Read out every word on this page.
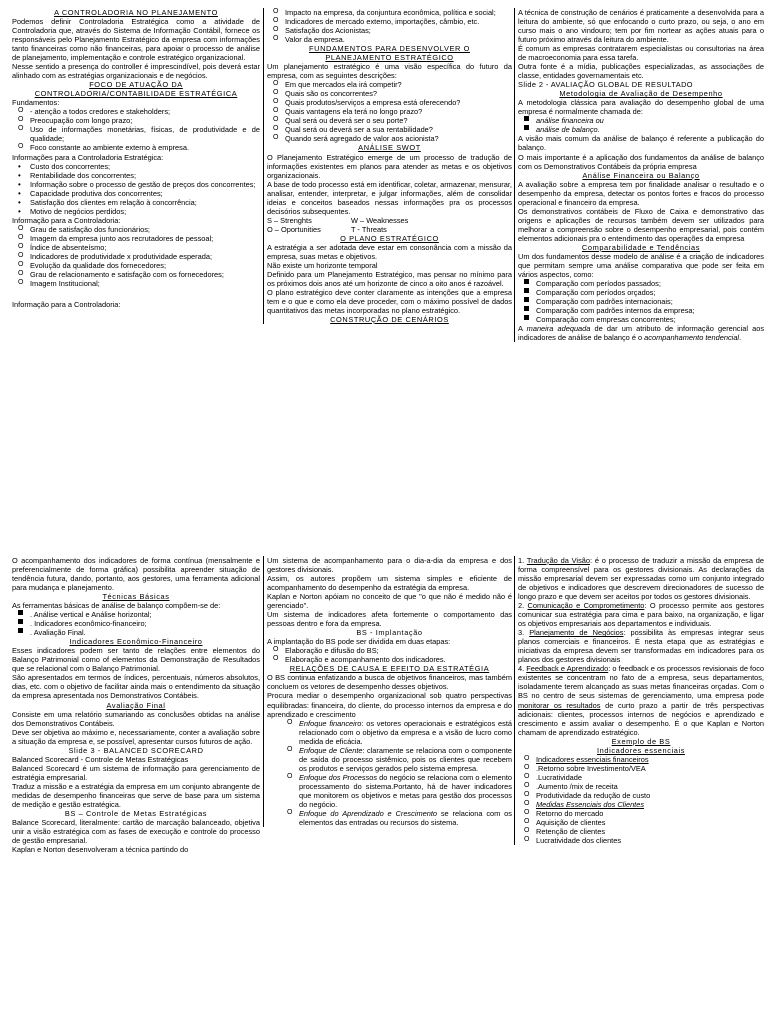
A CONTROLADORIA NO PLANEJAMENTO

Podemos definir Controladoria Estratégica como a atividade de Controladoria que, através do Sistema de Informação Contábil, fornece os responsáveis pelo Planejamento Estratégico da empresa com informações tanto financeiras como não financeiras, para apoiar o processo de análise de planejamento, implementação e controle estratégico organizacional.

Nesse sentido a presença do controller é imprescindível, pois deverá estar alinhado com as estratégias organizacionais e de negócios.

FOCO DE ATUAÇÃO DA

CONTROLADORIA/CONTABILIDADE ESTRATÉGICA

Fundamentos:

O - atenção a todos credores e stakeholders;
O Preocupação com longo prazo;
O Uso de informações monetárias, físicas, de produtividade e de qualidade;
O Foco constante ao ambiente externo à empresa.

Informações para a Controladoria Estratégica:

• Custo dos concorrentes;
• Rentabilidade dos concorrentes;
• Informação sobre o processo de gestão de preços dos concorrentes;
• Capacidade produtiva dos concorrentes;
• Satisfação dos clientes em relação à concorrência;
• Motivo de negócios perdidos;

Informação para a Controladoria:

O Grau de satisfação dos funcionários;
O Imagem da empresa junto aos recrutadores de pessoal;
O Índice de absenteísmo;
O Indicadores de produtividade x produtividade esperada;
O Evolução da qualidade dos fornecedores;
O Grau de relacionamento e satisfação com os fornecedores;
O Imagem Institucional;

Informação para a Controladoria:

O Impacto na empresa, da conjuntura econômica, política e social;
O Indicadores de mercado externo, importações, câmbio, etc.
O Satisfação dos Acionistas;
O Valor da empresa.

FUNDAMENTOS PARA DESENVOLVER O

PLANEJAMENTO ESTRATÉGICO

Um planejamento estratégico é uma visão específica do futuro da empresa, com as seguintes descrições:

O Em que mercados ela irá competir?
O Quais são os concorrentes?
O Quais produtos/serviços a empresa está oferecendo?
O Quais vantagens ela terá no longo prazo?
O Qual será ou deverá ser o seu porte?
O Qual será ou deverá ser a sua rentabilidade?
O Quando será agregado de valor aos acionista?

ANÁLISE SWOT

O Planejamento Estratégico emerge de um processo de tradução de informações existentes em planos para atender as metas e os objetivos organizacionais.

A base de todo processo está em identificar, coletar, armazenar, mensurar, analisar, entender, interpretar, e julgar informações, além de consolidar ideias e conceitos baseados nessas informações pra os processos decisórios subsequentes.

S – Strenghts	W – Weaknesses
O – Oportunities	T - Threats

O PLANO ESTRATÉGICO

A estratégia a ser adotada deve estar em consonância com a missão da empresa, suas metas e objetivos.

Não existe um horizonte temporal

Definido para um Planejamento Estratégico, mas pensar no mínimo para os próximos dois anos até um horizonte de cinco a oito anos é razoável.

O plano estratégico deve conter claramente as intenções que a empresa tem e o que e como ela deve proceder, com o máximo possível de dados quantitativos das metas incorporadas no plano estratégico.

CONSTRUÇÃO DE CENÁRIOS

A técnica de construção de cenários é praticamente a desenvolvida para a leitura do ambiente, só que enfocando o curto prazo, ou seja, o ano em curso mais o ano vindouro; tem por fim nortear as ações atuais para o futuro próximo através da leitura do ambiente.

É comum as empresas contratarem especialistas ou consultorias na área de macroeconomia para essa tarefa.

Outra fonte é a mídia, publicações especializadas, as associações de classe, entidades governamentais etc.

Slide 2 - AVALIAÇÃO GLOBAL DE RESULTADO

Metodologia de Avaliação de Desempenho

A metodologia clássica para avaliação do desempenho global de uma empresa é normalmente chamada de:

análise financeira ou
análise de balanço.

A visão mais comum da análise de balanço é referente a publicação do balanço.

O mais importante é a aplicação dos fundamentos da análise de balanço com os Demonstrativos Contábeis da própria empresa

Análise Financeira ou Balanço

A avaliação sobre a empresa tem por finalidade analisar o resultado e o desempenho da empresa, detectar os pontos fortes e fracos do processo operacional e financeiro da empresa.

Os demonstrativos contábeis de Fluxo de Caixa e demonstrativo das origens e aplicações de recursos também devem ser utilizados para melhorar a compreensão sobre o desempenho empresarial, pois contém elementos adicionais pra o entendimento das operações da empresa

Comparabilidade e Tendências

Um dos fundamentos desse modelo de análise é a criação de indicadores que permitam sempre uma análise comparativa que pode ser feita em vários aspectos, como:

Comparação com períodos passados;
Comparação com períodos orçados;
Comparação com padrões internacionais;
Comparação com padrões internos da empresa;
Comparação com empresas concorrentes;

A maneira adequada de dar um atributo de informação gerencial aos indicadores de análise de balanço é o acompanhamento tendencial.

O acompanhamento dos indicadores de forma contínua (mensalmente e preferencialmente de forma gráfica) possibilita apreender situação de tendência futura, dando, portanto, aos gestores, uma ferramenta adicional para mudança e planejamento.

Técnicas Básicas

As ferramentas básicas de análise de balanço compõem-se de:

. Análise vertical e Análise horizontal;
. Indicadores econômico-financeiro;
. Avaliação Final.

Indicadores Econômico-Financeiro

Esses indicadores podem ser tanto de relações entre elementos do Balanço Patrimonial como of elementos da Demonstração de Resultados que se relacional com o Balanço Patrimonial.

São apresentados em termos de índices, percentuais, números absolutos, dias, etc. com o objetivo de facilitar ainda mais o entendimento da situação da empresa apresentada nos Demonstrativos Contábeis.

Avaliação Final

Consiste em uma relatório sumariando as conclusões obtidas na análise dos Demonstrativos Contábeis.

Deve ser objetiva ao máximo e, necessariamente, conter a avaliação sobre a situação da empresa e, se possível, apresentar cursos futuros de ação.

Slide 3 - BALANCED SCORECARD

Balanced Scorecard - Controle de Metas Estratégicas

Balanced Scorecard é um sistema de informação para gerenciamento de estratégia empresarial.

Traduz a missão e a estratégia da empresa em um conjunto abrangente de medidas de desempenho financeiras que serve de base para um sistema de medição e gestão estratégica.

BS – Controle de Metas Estratégicas

Balance Scorecard, literalmente: cartão de marcação balanceado, objetiva unir a visão estratégica com as fases de execução e controle do processo de gestão empresarial.

Kaplan e Norton desenvolveram a técnica partindo do

Um sistema de acompanhamento para o dia-a-dia da empresa e dos gestores divisionais.

Assim, os autores propõem um sistema simples e eficiente de acompanhamento do desempenho da estratégia da empresa.

Kaplan e Norton apóiam no conceito de que "o que não é medido não é gerenciado".

Um sistema de indicadores afeta fortemente o comportamento das pessoas dentro e fora da empresa.

BS - Implantação

A implantação do BS pode ser dividida em duas etapas:

O Elaboração e difusão do BS;
O Elaboração e acompanhamento dos indicadores.

RELAÇÕES DE CAUSA E EFEITO DA ESTRATÉGIA

O BS continua enfatizando a busca de objetivos financeiros, mas também concluem os vetores de desempenho desses objetivos.

Procura mediar o desempenho organizacional sob quatro perspectivas equilibradas: financeira, do cliente, do processo internos da empresa e do aprendizado e crescimento

O Enfoque financeiro: os vetores operacionais e estratégicos está relacionado com o objetivo da empresa e a visão de lucro como medida de eficácia.
O Enfoque de Cliente: claramente se relaciona com o componente de saída do processo sistêmico, pois os clientes que recebem os produtos e serviços gerados pelo sistema empresa.
O Enfoque dos Processos do negócio se relaciona com o elemento processamento do sistema.Portanto, há de haver indicadores que monitorem os objetivos e metas para gestão dos processos do negócio.
O Enfoque do Aprendizado e Crescimento se relaciona com os elementos das entradas ou recursos do sistema.

1. Tradução da Visão: é o processo de traduzir a missão da empresa de forma compreensível para os gestores divisionais. As declarações da missão empresarial devem ser expressadas como um conjunto integrado de objetivos e indicadores que descrevem direcionadores de sucesso de longo prazo e que devem ser aceitos por todos os gestores divisionais.

2. Comunicação e Comprometimento: O processo permite aos gestores comunicar sua estratégia para cima e para baixo, na organização, e ligar os objetivos empresariais aos departamentos e individuais.

3. Planejamento de Negócios: possibilita às empresas integrar seus planos comerciais e financeiros. É nesta etapa que as estratégias e iniciativas da empresa devem ser transformadas em indicadores para os planos dos gestores divisionais

4. Feedback e Aprendizado: o feedback e os processos revisionais de foco existentes se concentram no fato de a empresa, seus departamentos, isoladamente terem alcançado as suas metas financeiras orçadas. Com o BS no centro de seus sistemas de gerenciamento, uma empresa pode monitorar os resultados de curto prazo a partir de três perspectivas adicionais: clientes, processos internos de negócios e aprendizado e crescimento e assim avaliar o desempenho. É o que Kaplan e Norton chamam de aprendizado estratégico.

Exemplo de BS

Indicadores essenciais

O Indicadores essenciais financeiros
O .Retorno sobre Investimento/VEA
O .Lucratividade
O .Aumento /mix de receita
O Produtividade da redução de custo
O Medidas Essenciais dos Clientes
O Retorno do mercado
O Aquisição de clientes
O Retenção de clientes
O Lucratividade dos clientes
